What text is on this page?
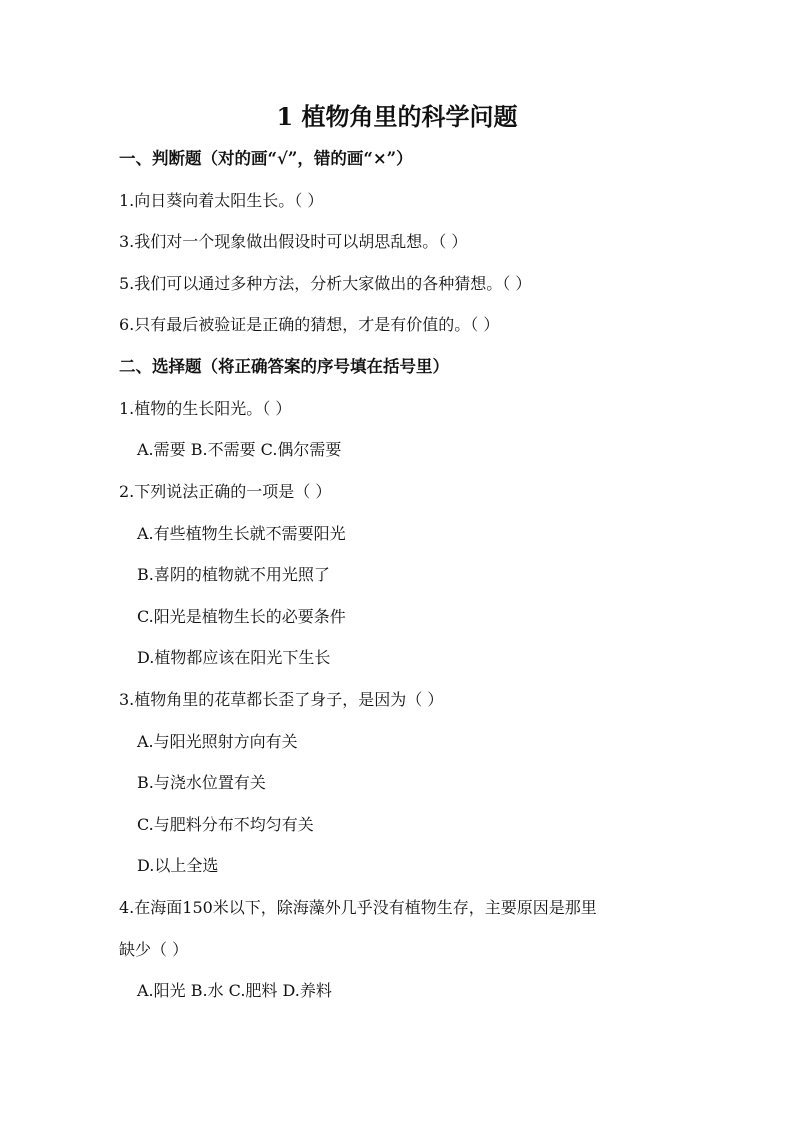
1 植物角里的科学问题
一、判断题（对的画“√”，错的画“×”）
1.向日葵向着太阳生长。（ ）
3.我们对一个现象做出假设时可以胡思乱想。（ ）
5.我们可以通过多种方法，分析大家做出的各种猜想。（ ）
6.只有最后被验证是正确的猜想，才是有价值的。（ ）
二、选择题（将正确答案的序号填在括号里）
1.植物的生长阳光。（ ）
A.需要 B.不需要 C.偶尔需要
2.下列说法正确的一项是（ ）
A.有些植物生长就不需要阳光
B.喜阴的植物就不用光照了
C.阳光是植物生长的必要条件
D.植物都应该在阳光下生长
3.植物角里的花草都长歪了身子，是因为（ ）
A.与阳光照射方向有关
B.与浇水位置有关
C.与肥料分布不均匀有关
D.以上全选
4.在海面150米以下，除海藻外几乎没有植物生存，主要原因是那里
缺少（ ）
A.阳光 B.水 C.肥料 D.养料
